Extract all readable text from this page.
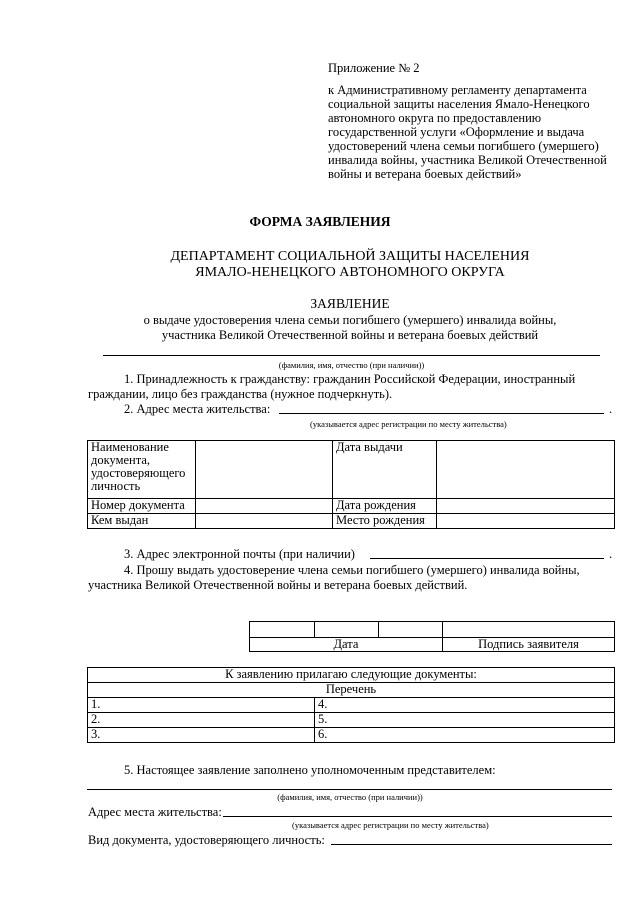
Приложение № 2
к Административному регламенту департамента
социальной защиты населения Ямало-Ненецкого
автономного округа по предоставлению
государственной услуги «Оформление и выдача
удостоверений члена семьи погибшего (умершего)
инвалида войны, участника Великой Отечественной
войны и ветерана боевых действий»
ФОРМА ЗАЯВЛЕНИЯ
ДЕПАРТАМЕНТ СОЦИАЛЬНОЙ ЗАЩИТЫ НАСЕЛЕНИЯ
ЯМАЛО-НЕНЕЦКОГО АВТОНОМНОГО ОКРУГА
ЗАЯВЛЕНИЕ
о выдаче удостоверения члена семьи погибшего (умершего) инвалида войны,
участника Великой Отечественной войны и ветерана боевых действий
(фамилия, имя, отчество (при наличии))
1. Принадлежность к гражданству: гражданин Российской Федерации, иностранный
граждании, лицо без гражданства (нужное подчеркнуть).
2. Адрес места жительства:	.
(указывается адрес регистрации по месту жительства)
Наименование
документа,
удостоверяющего
личность		Дата выдачи	
Номер документа		Дата рождения	
Кем выдан		Место рождения	
3. Адрес электронной почты (при наличии)	.
4. Прошу выдать удостоверение члена семьи погибшего (умершего) инвалида войны,
участника Великой Отечественной войны и ветерана боевых действий.

Дата			Подпись заявителя
К заявлению прилагаю следующие документы:	
Перечень	
1.	4.
2.	5.
3.	6.
5. Настоящее заявление заполнено уполномоченным представителем:
(фамилия, имя, отчество (при наличии))
Адрес места жительства:
(указывается адрес регистрации по месту жительства)
Вид документа, удостоверяющего личность:
